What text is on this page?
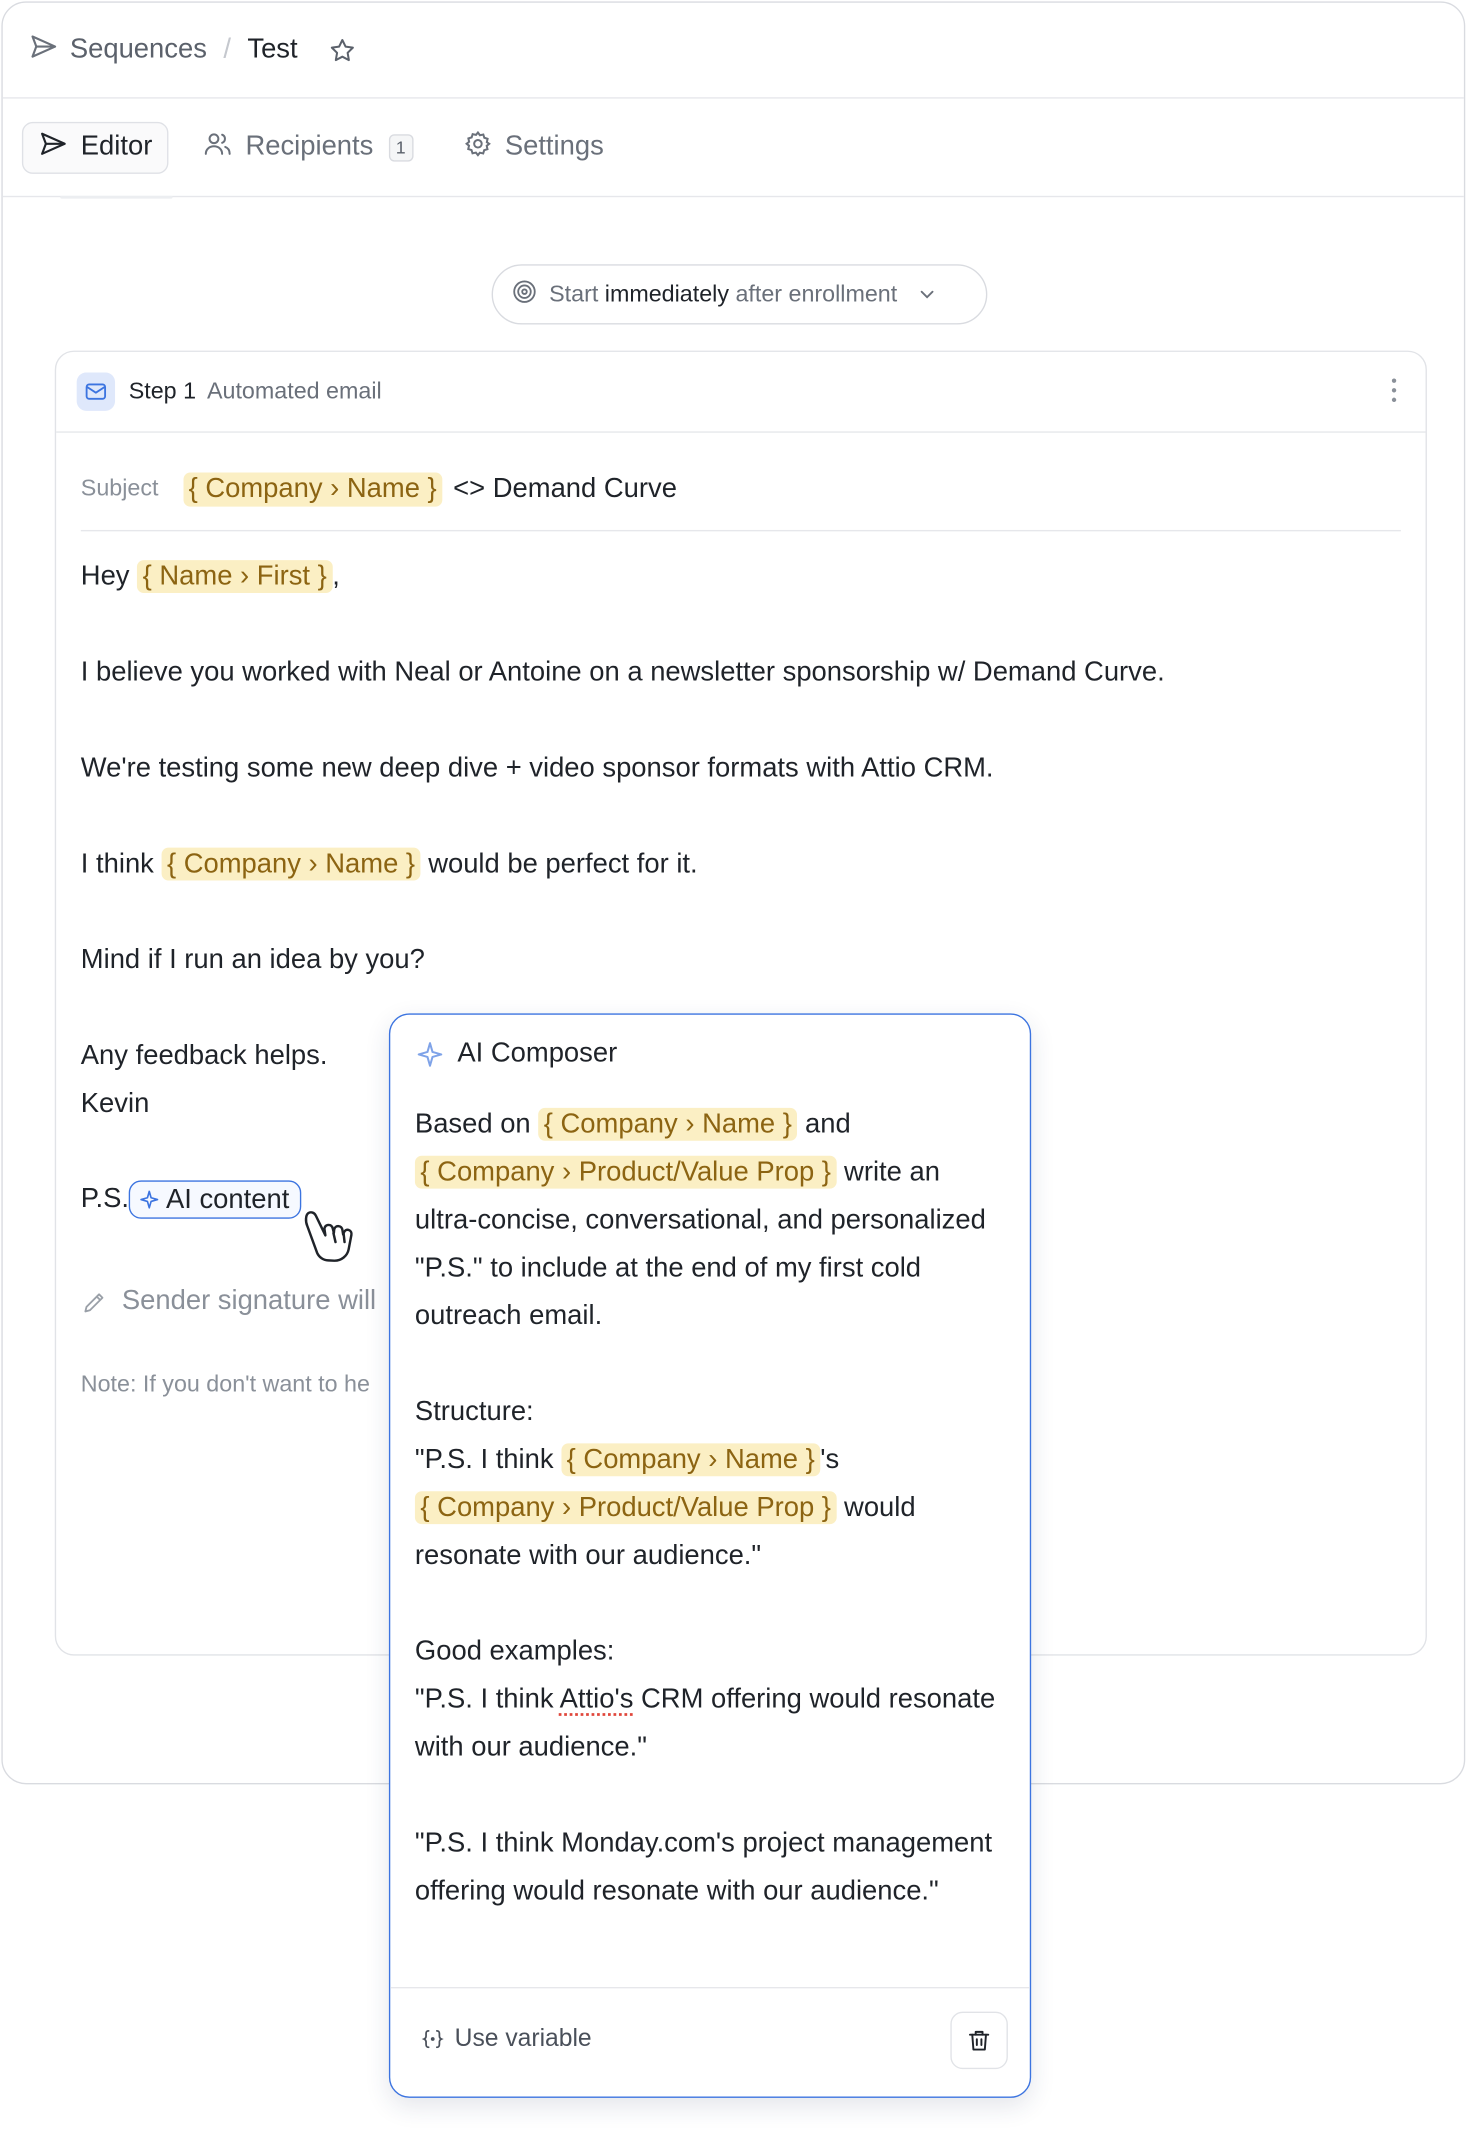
Sequences / Test
Editor	Recipients	1	Settings
Start immediately after enrollment
Step 1 Automated email
Subject { Company › Name } <> Demand Curve
Hey { Name › First } ,
I believe you worked with Neal or Antoine on a newsletter sponsorship w/ Demand Curve.
We're testing some new deep dive + video sponsor formats with Attio CRM.
I think { Company › Name } would be perfect for it.
Mind if I run an idea by you?
Any feedback helps.
Kevin
P.S. AI content
Sender signature will
Note: If you don't want to he
AI Composer

Based on { Company › Name } and { Company › Product/Value Prop } write an ultra-concise, conversational, and personalized "P.S." to include at the end of my first cold outreach email.

Structure:

"P.S. I think { Company › Name } 's { Company › Product/Value Prop } would resonate with our audience."

Good examples:

"P.S. I think Attio's CRM offering would resonate with our audience."

"P.S. I think Monday.com's project management offering would resonate with our audience."

Use variable
